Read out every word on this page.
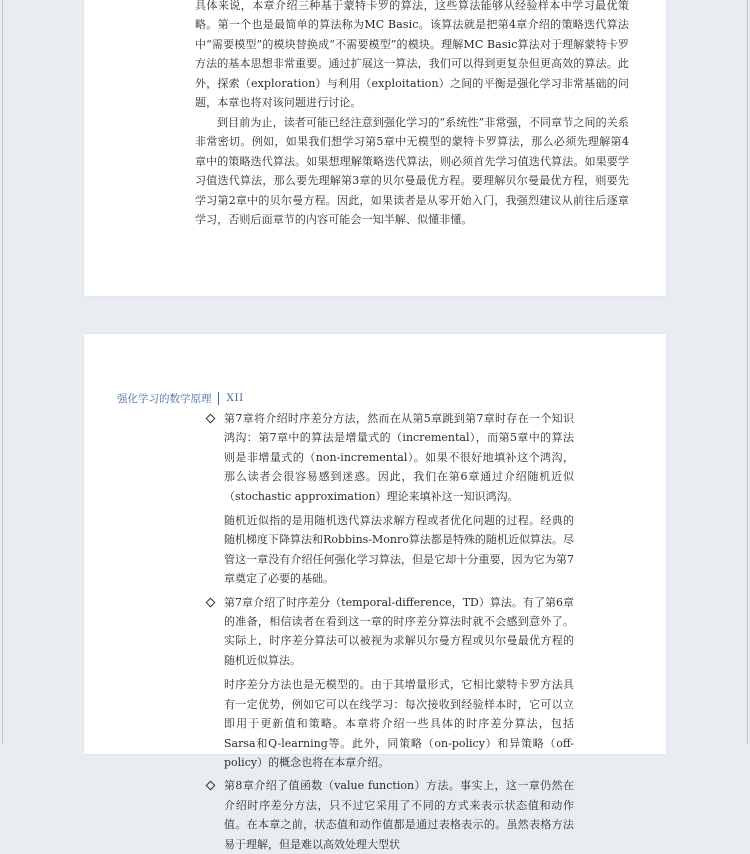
具体来说，本章介绍三种基于蒙特卡罗的算法，这些算法能够从经验样本中学习最优策略。第一个也是最简单的算法称为MC Basic。该算法就是把第4章介绍的策略迭代算法中“需要模型”的模块替换成“不需要模型”的模块。理解MC Basic算法对于理解蒙特卡罗方法的基本思想非常重要。通过扩展这一算法，我们可以得到更复杂但更高效的算法。此外，探索（exploration）与利用（exploitation）之间的平衡是强化学习非常基础的问题，本章也将对该问题进行讨论。

到目前为止，读者可能已经注意到强化学习的“系统性”非常强，不同章节之间的关系非常密切。例如，如果我们想学习第5章中无模型的蒙特卡罗算法，那么必须先理解第4章中的策略迭代算法。如果想理解策略迭代算法，则必须首先学习值迭代算法。如果要学习值迭代算法，那么要先理解第3章的贝尔曼最优方程。要理解贝尔曼最优方程，则要先学习第2章中的贝尔曼方程。因此，如果读者是从零开始入门，我强烈建议从前往后逐章学习，否则后面章节的内容可能会一知半解、似懂非懂。

强化学习的数学原理 XII

第7章将介绍时序差分方法，然而在从第5章跳到第7章时存在一个知识鸿沟：第7章中的算法是增量式的（incremental），而第5章中的算法则是非增量式的（non-incremental）。如果不很好地填补这个鸿沟，那么读者会很容易感到迷惑。因此，我们在第6章通过介绍随机近似（stochastic approximation）理论来填补这一知识鸿沟。

随机近似指的是用随机迭代算法求解方程或者优化问题的过程。经典的随机梯度下降算法和Robbins-Monro算法都是特殊的随机近似算法。尽管这一章没有介绍任何强化学习算法，但是它却十分重要，因为它为第7章奠定了必要的基础。

第7章介绍了时序差分（temporal-difference，TD）算法。有了第6章的准备，相信读者在看到这一章的时序差分算法时就不会感到意外了。实际上，时序差分算法可以被视为求解贝尔曼方程或贝尔曼最优方程的随机近似算法。

时序差分方法也是无模型的。由于其增量形式，它相比蒙特卡罗方法具有一定优势，例如它可以在线学习：每次接收到经验样本时，它可以立即用于更新值和策略。本章将介绍一些具体的时序差分算法，包括Sarsa和Q-learning等。此外，同策略（on-policy）和异策略（off-policy）的概念也将在本章介绍。

第8章介绍了值函数（value function）方法。事实上，这一章仍然在介绍时序差分方法，只不过它采用了不同的方式来表示状态值和动作值。在本章之前，状态值和动作值都是通过表格表示的。虽然表格方法易于理解，但是难以高效处理大型状
